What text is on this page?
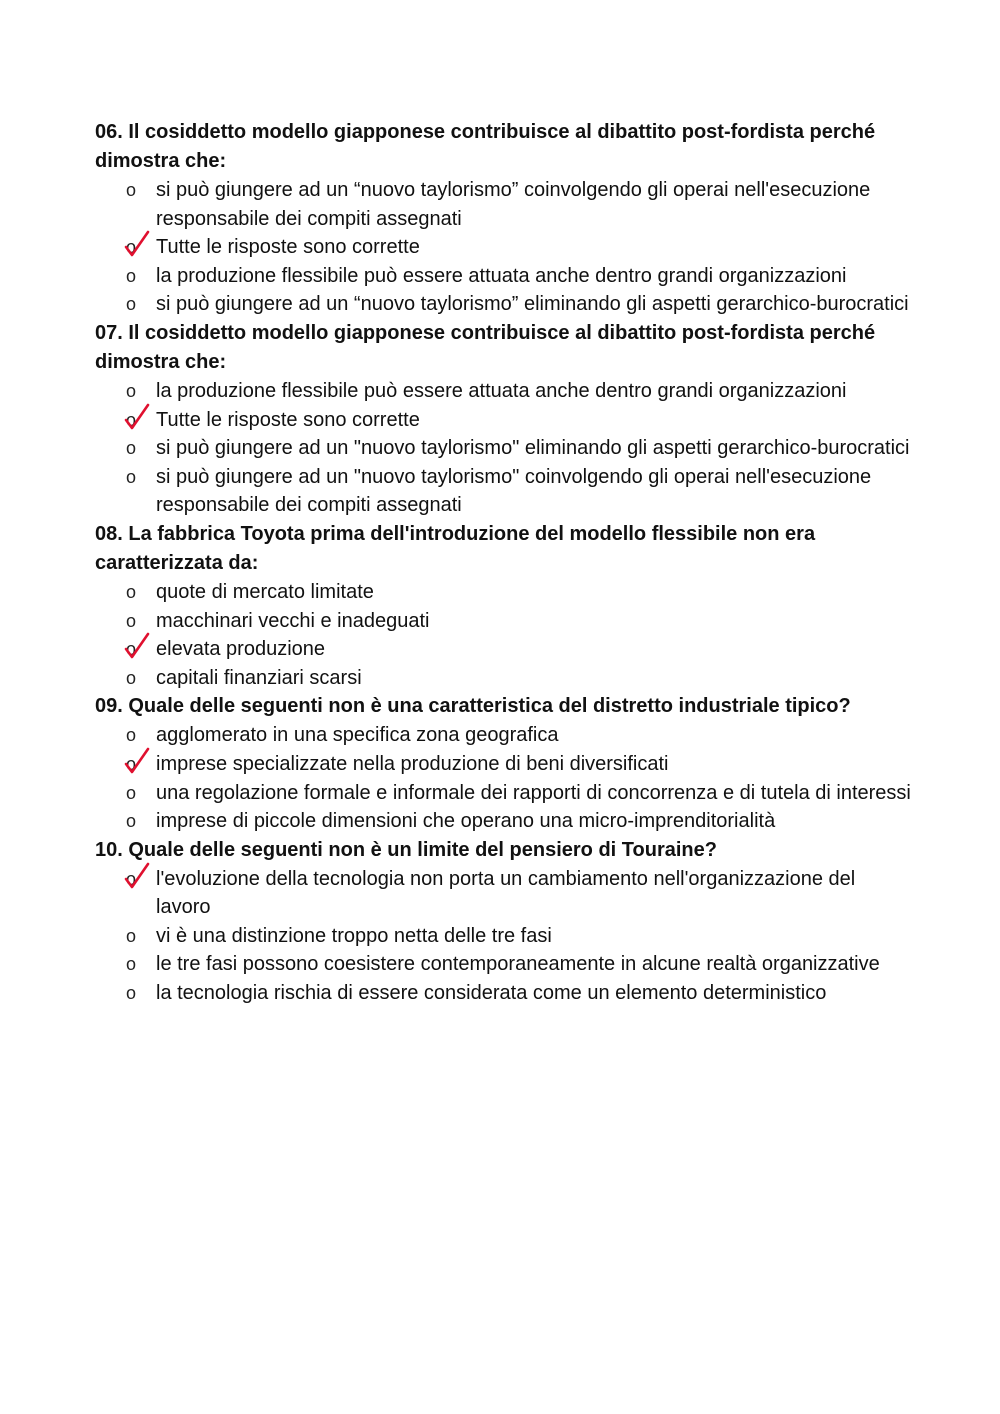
06. Il cosiddetto modello giapponese contribuisce al dibattito post-fordista perché dimostra che:

o si può giungere ad un “nuovo taylorismo” coinvolgendo gli operai nell'esecuzione responsabile dei compiti assegnati
o Tutte le risposte sono corrette
o la produzione flessibile può essere attuata anche dentro grandi organizzazioni
o si può giungere ad un “nuovo taylorismo” eliminando gli aspetti gerarchico-burocratici

07. Il cosiddetto modello giapponese contribuisce al dibattito post-fordista perché dimostra che:

o la produzione flessibile può essere attuata anche dentro grandi organizzazioni
o Tutte le risposte sono corrette
o si può giungere ad un "nuovo taylorismo" eliminando gli aspetti gerarchico-burocratici
o si può giungere ad un "nuovo taylorismo" coinvolgendo gli operai nell'esecuzione responsabile dei compiti assegnati

08. La fabbrica Toyota prima dell'introduzione del modello flessibile non era caratterizzata da:

o quote di mercato limitate
o macchinari vecchi e inadeguati
o elevata produzione
o capitali finanziari scarsi

09. Quale delle seguenti non è una caratteristica del distretto industriale tipico?

o agglomerato in una specifica zona geografica
o imprese specializzate nella produzione di beni diversificati
o una regolazione formale e informale dei rapporti di concorrenza e di tutela di interessi
o imprese di piccole dimensioni che operano una micro-imprenditorialità

10. Quale delle seguenti non è un limite del pensiero di Touraine?

o l'evoluzione della tecnologia non porta un cambiamento nell'organizzazione del lavoro
o vi è una distinzione troppo netta delle tre fasi
o le tre fasi possono coesistere contemporaneamente in alcune realtà organizzative
o la tecnologia rischia di essere considerata come un elemento deterministico
